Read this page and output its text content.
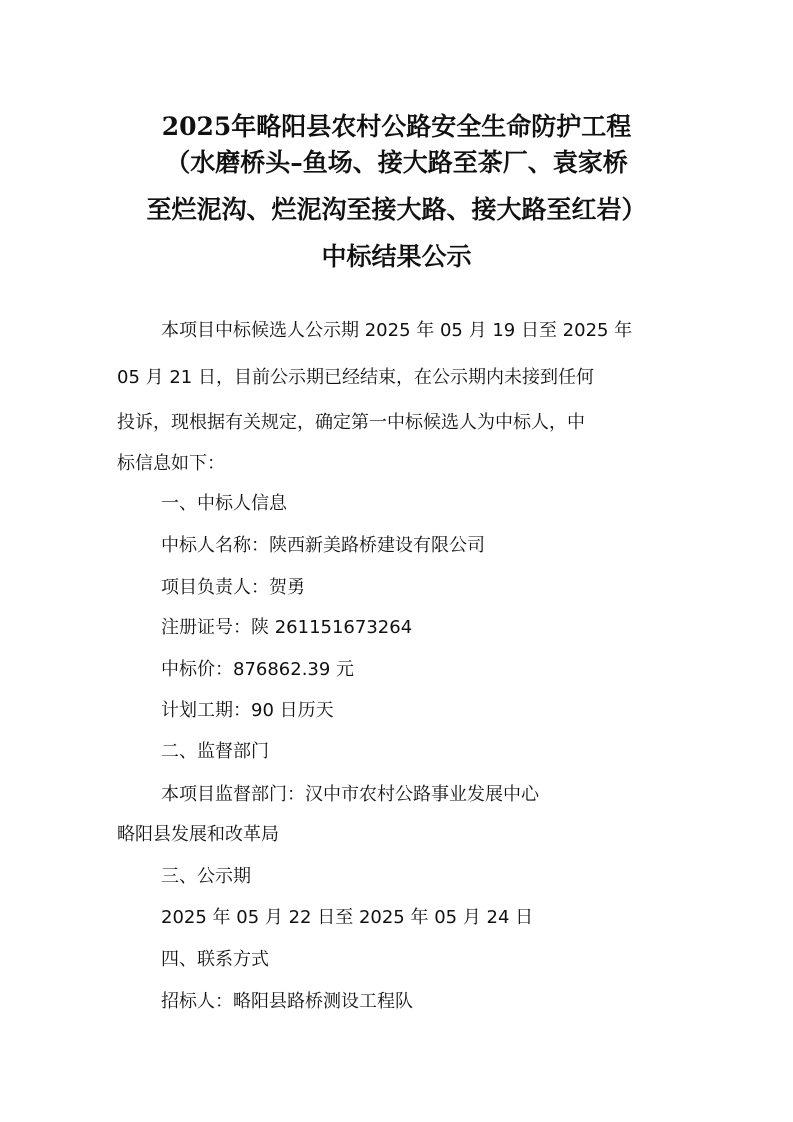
2025年略阳县农村公路安全生命防护工程
（水磨桥头–鱼场、接大路至茶厂、袁家桥
至烂泥沟、烂泥沟至接大路、接大路至红岩）
中标结果公示

本项目中标候选人公示期 2025 年 05 月 19 日至 2025 年

05 月 21 日，目前公示期已经结束，在公示期内未接到任何

投诉，现根据有关规定，确定第一中标候选人为中标人，中

标信息如下：

一、中标人信息

中标人名称：陕西新美路桥建设有限公司

项目负责人：贺勇

注册证号：陕 261151673264

中标价：876862.39 元

计划工期：90 日历天

二、监督部门

本项目监督部门：汉中市农村公路事业发展中心

略阳县发展和改革局

三、公示期

2025 年 05 月 22 日至 2025 年 05 月 24 日

四、联系方式

招标人：略阳县路桥测设工程队
